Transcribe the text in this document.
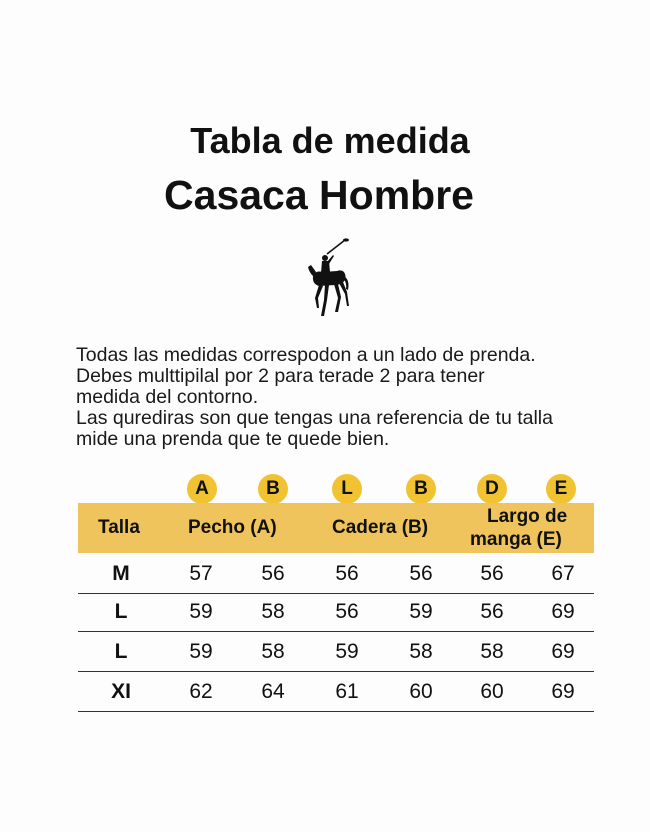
Tabla de medida
Casaca Hombre
Todas las medidas correspodon a un lado de prenda.
Debes multtipilal por 2 para terade 2 para tener
medida del contorno.
Las qurediras son que tengas una referencia de tu talla
mide una prenda que te quede bien.
A	B	L	B	D	E
Talla	Pecho (A)	Cadera (B)
Largo de
manga (E)
M	57	56	56	56	56	67
L	59	58	56	59	56	69
L	59	58	59	58	58	69
XI	62	64	61	60	60	69
